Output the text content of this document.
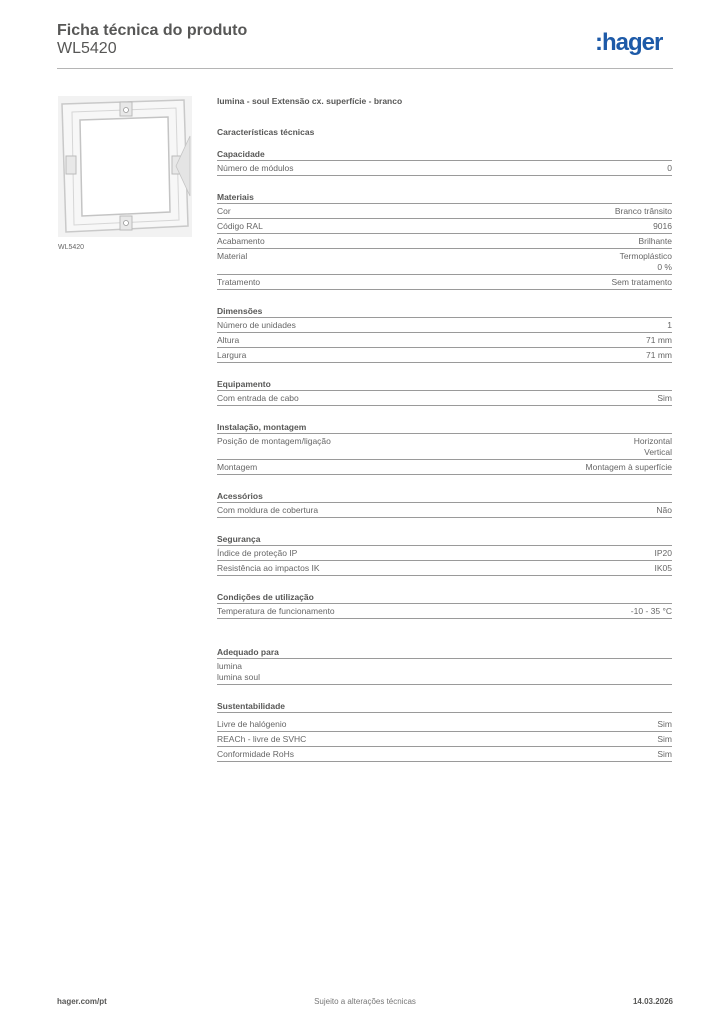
Ficha técnica do produto
WL5420	:hager
WL5420
lumina - soul Extensão cx. superfície - branco
Características técnicas
Capacidade
Número de módulos	0
Materiais
Cor	Branco trânsito
Código RAL	9016
Acabamento	Brilhante
Material	Termoplástico
0 %
Tratamento	Sem tratamento
Dimensões
Número de unidades	1
Altura	71 mm
Largura	71 mm
Equipamento
Com entrada de cabo	Sim
Instalação, montagem
Posição de montagem/ligação	Horizontal
Vertical
Montagem	Montagem à superfície
Acessórios
Com moldura de cobertura	Não
Segurança
Índice de proteção IP	IP20
Resistência ao impactos IK	IK05
Condições de utilização
Temperatura de funcionamento	-10 - 35 °C
Adequado para
lumina
lumina soul
Sustentabilidade
Livre de halógenio	Sim
REACh - livre de SVHC	Sim
Conformidade RoHs	Sim
Sujeito a alterações técnicas
hager.com/pt	14.03.2026
